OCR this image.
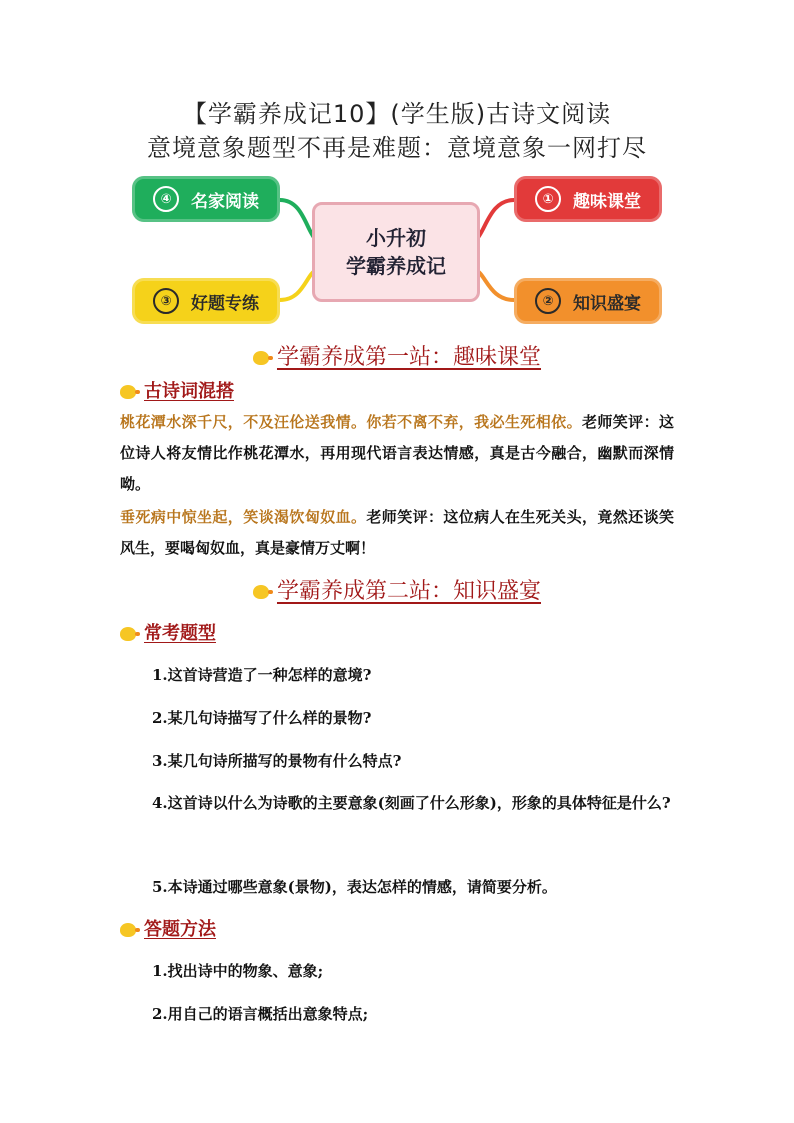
【学霸养成记10】(学生版)古诗文阅读
意境意象题型不再是难题：意境意象一网打尽
④	名家阅读	①	趣味课堂
③	好题专练	②	知识盛宴
小升初
学霸养成记
学霸养成第一站：趣味课堂
古诗词混搭
桃花潭水深千尺，不及汪伦送我情。你若不离不弃，我必生死相依。老师笑评：这位诗人将友情比作桃花潭水，再用现代语言表达情感，真是古今融合，幽默而深情呦。
垂死病中惊坐起，笑谈渴饮匈奴血。老师笑评：这位病人在生死关头，竟然还谈笑风生，要喝匈奴血，真是豪情万丈啊！
学霸养成第二站：知识盛宴
常考题型
1.这首诗营造了一种怎样的意境?
2.某几句诗描写了什么样的景物?
3.某几句诗所描写的景物有什么特点?
4.这首诗以什么为诗歌的主要意象(刻画了什么形象)，形象的具体特征是什么?
5.本诗通过哪些意象(景物)，表达怎样的情感，请简要分析。
答题方法
1.找出诗中的物象、意象;
2.用自己的语言概括出意象特点;
